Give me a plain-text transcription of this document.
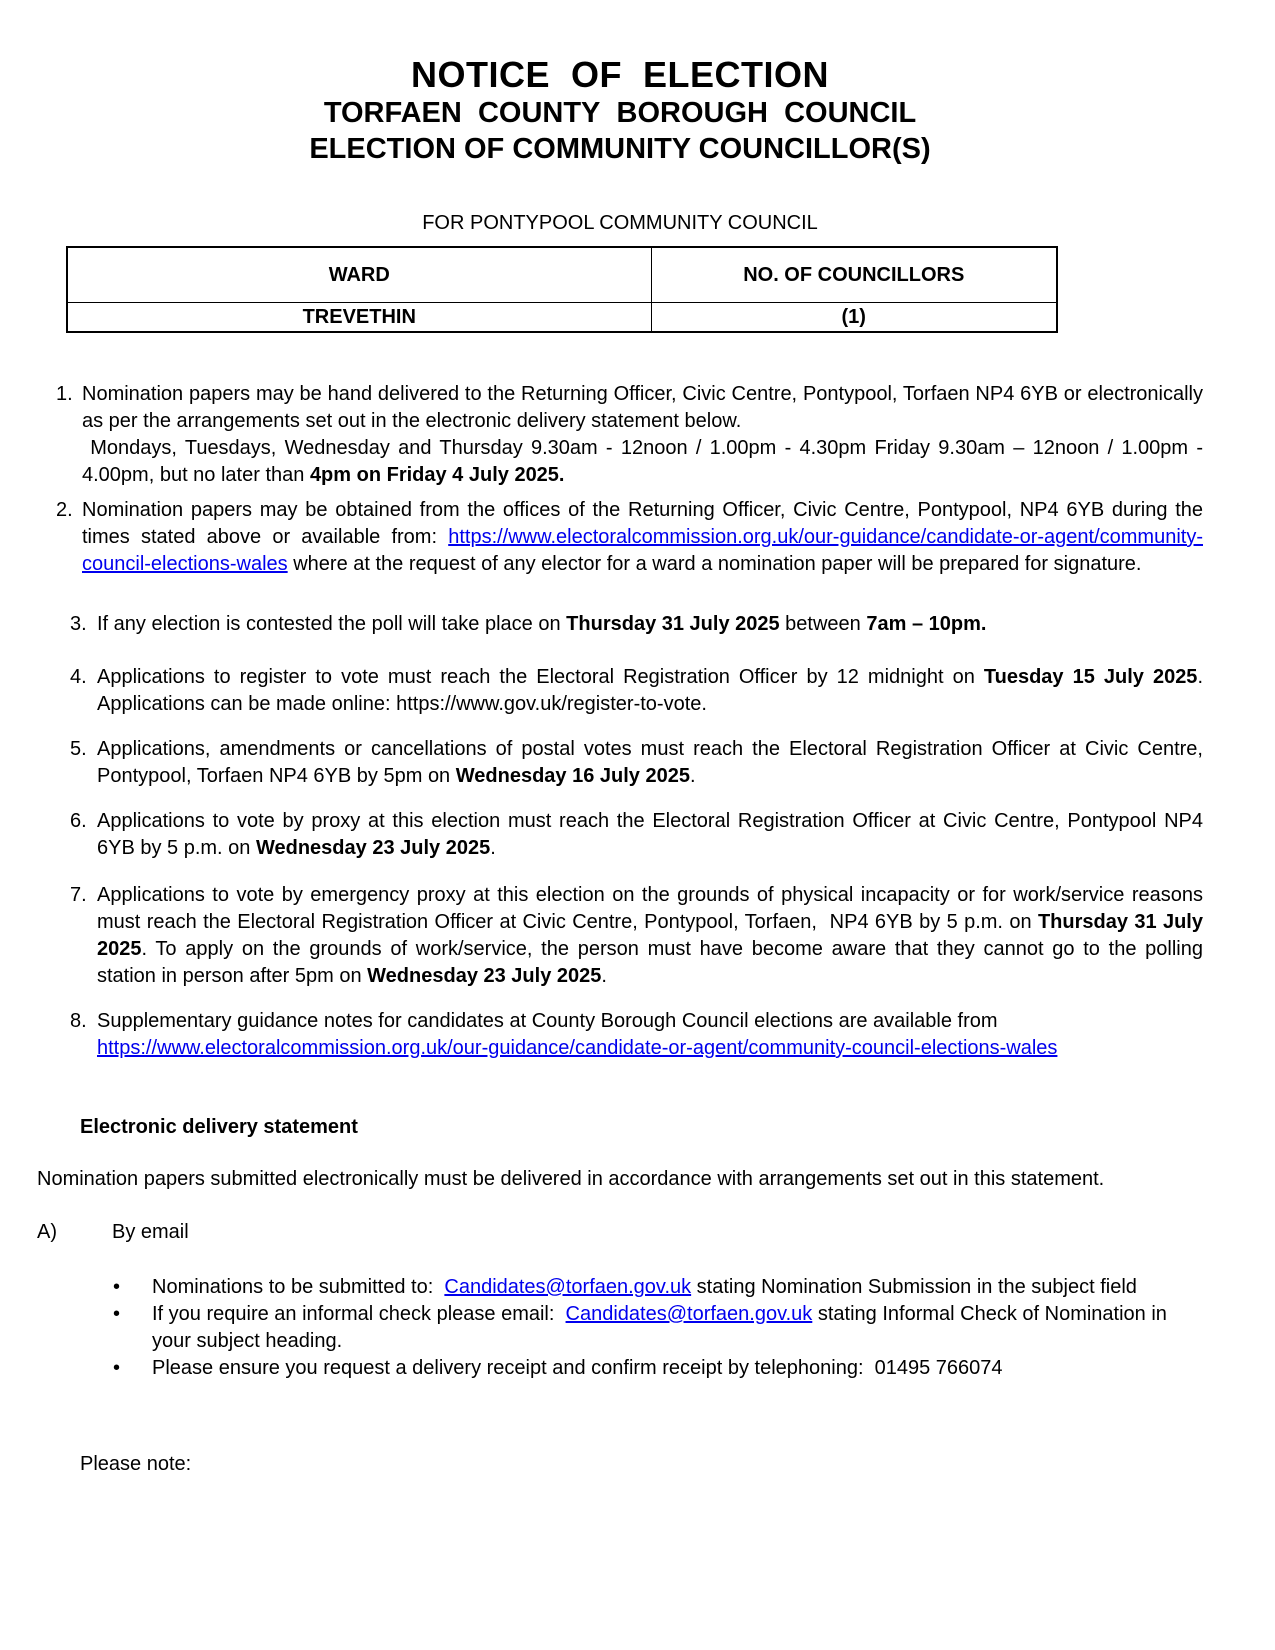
NOTICE  OF  ELECTION
TORFAEN  COUNTY  BOROUGH  COUNCIL
ELECTION OF COMMUNITY COUNCILLOR(S)
FOR PONTYPOOL COMMUNITY COUNCIL
WARD	NO. OF COUNCILLORS
TREVETHIN	(1)
1. Nomination papers may be hand delivered to the Returning Officer, Civic Centre, Pontypool, Torfaen NP4 6YB or electronically as per the arrangements set out in the electronic delivery statement below.
Mondays, Tuesdays, Wednesday and Thursday 9.30am - 12noon / 1.00pm - 4.30pm Friday 9.30am – 12noon / 1.00pm - 4.00pm, but no later than 4pm on Friday 4 July 2025.
2. Nomination papers may be obtained from the offices of the Returning Officer, Civic Centre, Pontypool, NP4 6YB during the times stated above or available from: https://www.electoralcommission.org.uk/our-guidance/candidate-or-agent/community-council-elections-wales where at the request of any elector for a ward a nomination paper will be prepared for signature.
3. If any election is contested the poll will take place on Thursday 31 July 2025 between 7am – 10pm.
4. Applications to register to vote must reach the Electoral Registration Officer by 12 midnight on Tuesday 15 July 2025. Applications can be made online: https://www.gov.uk/register-to-vote.
5. Applications, amendments or cancellations of postal votes must reach the Electoral Registration Officer at Civic Centre, Pontypool, Torfaen NP4 6YB by 5pm on Wednesday 16 July 2025.
6. Applications to vote by proxy at this election must reach the Electoral Registration Officer at Civic Centre, Pontypool NP4 6YB by 5 p.m. on Wednesday 23 July 2025.
7. Applications to vote by emergency proxy at this election on the grounds of physical incapacity or for work/service reasons must reach the Electoral Registration Officer at Civic Centre, Pontypool, Torfaen,  NP4 6YB by 5 p.m. on Thursday 31 July 2025. To apply on the grounds of work/service, the person must have become aware that they cannot go to the polling station in person after 5pm on Wednesday 23 July 2025.
8. Supplementary guidance notes for candidates at County Borough Council elections are available from https://www.electoralcommission.org.uk/our-guidance/candidate-or-agent/community-council-elections-wales
Electronic delivery statement
Nomination papers submitted electronically must be delivered in accordance with arrangements set out in this statement.
A)	By email
• Nominations to be submitted to:  Candidates@torfaen.gov.uk stating Nomination Submission in the subject field
• If you require an informal check please email:  Candidates@torfaen.gov.uk stating Informal Check of Nomination in your subject heading.
• Please ensure you request a delivery receipt and confirm receipt by telephoning:  01495 766074
Please note:
